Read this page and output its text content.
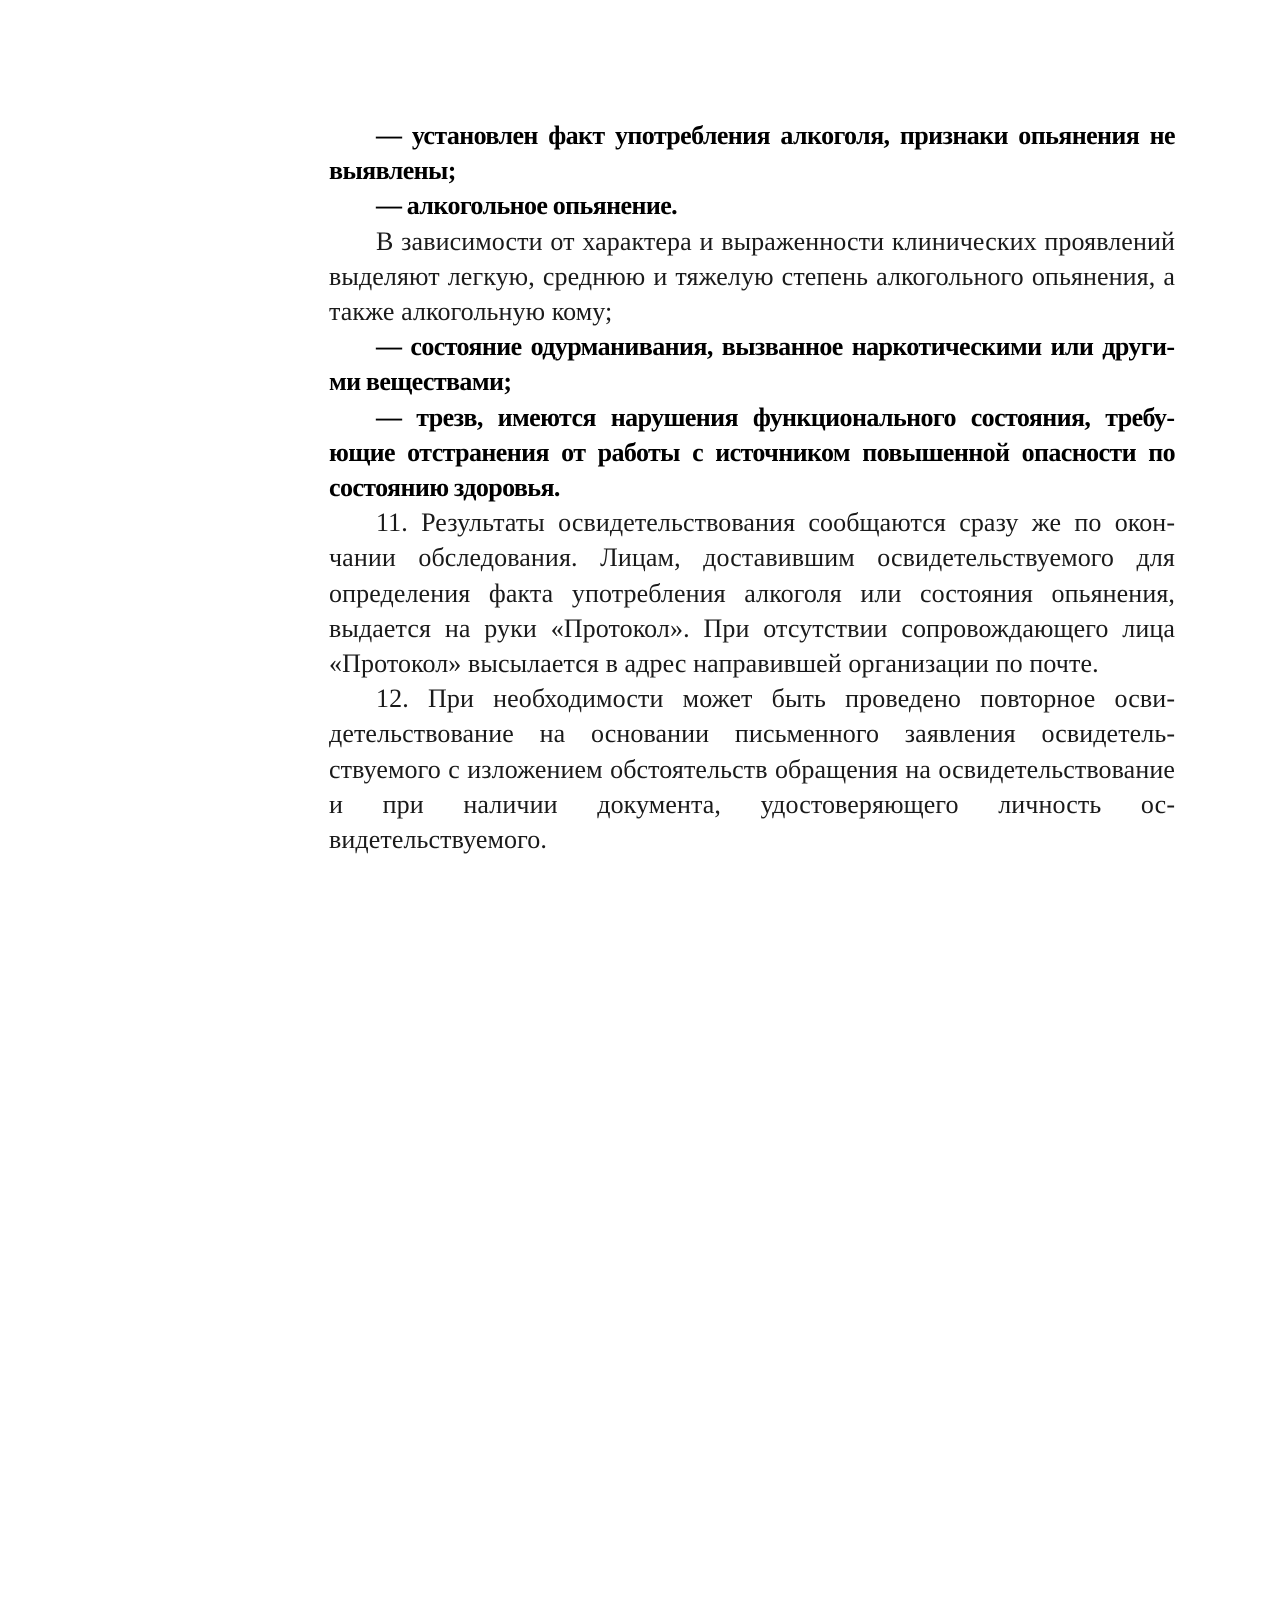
— установлен факт употребления алкоголя, признаки опьянения не выявлены;

— алкогольное опьянение.

В зависимости от характера и выраженности клинических проявлений выделяют легкую, среднюю и тяжелую степень алкогольного опьянения, а также алкогольную кому;

— состояние одурманивания, вызванное наркотическими или другими веществами;

— трезв, имеются нарушения функционального состояния, требующие отстранения от работы с источником повышенной опасности по состоянию здоровья.

11. Результаты освидетельствования сообщаются сразу же по окончании обследования. Лицам, доставившим освидетельствуемого для определения факта употребления алкоголя или состояния опьянения, выдается на руки «Протокол». При отсутствии сопровождающего лица «Протокол» высылается в адрес направившей организации по почте.

12. При необходимости может быть проведено повторное освидетельствование на основании письменного заявления освидетельствуемого с изложением обстоятельств обращения на освидетельствование и при наличии документа, удостоверяющего личность освидетельствуемого.
